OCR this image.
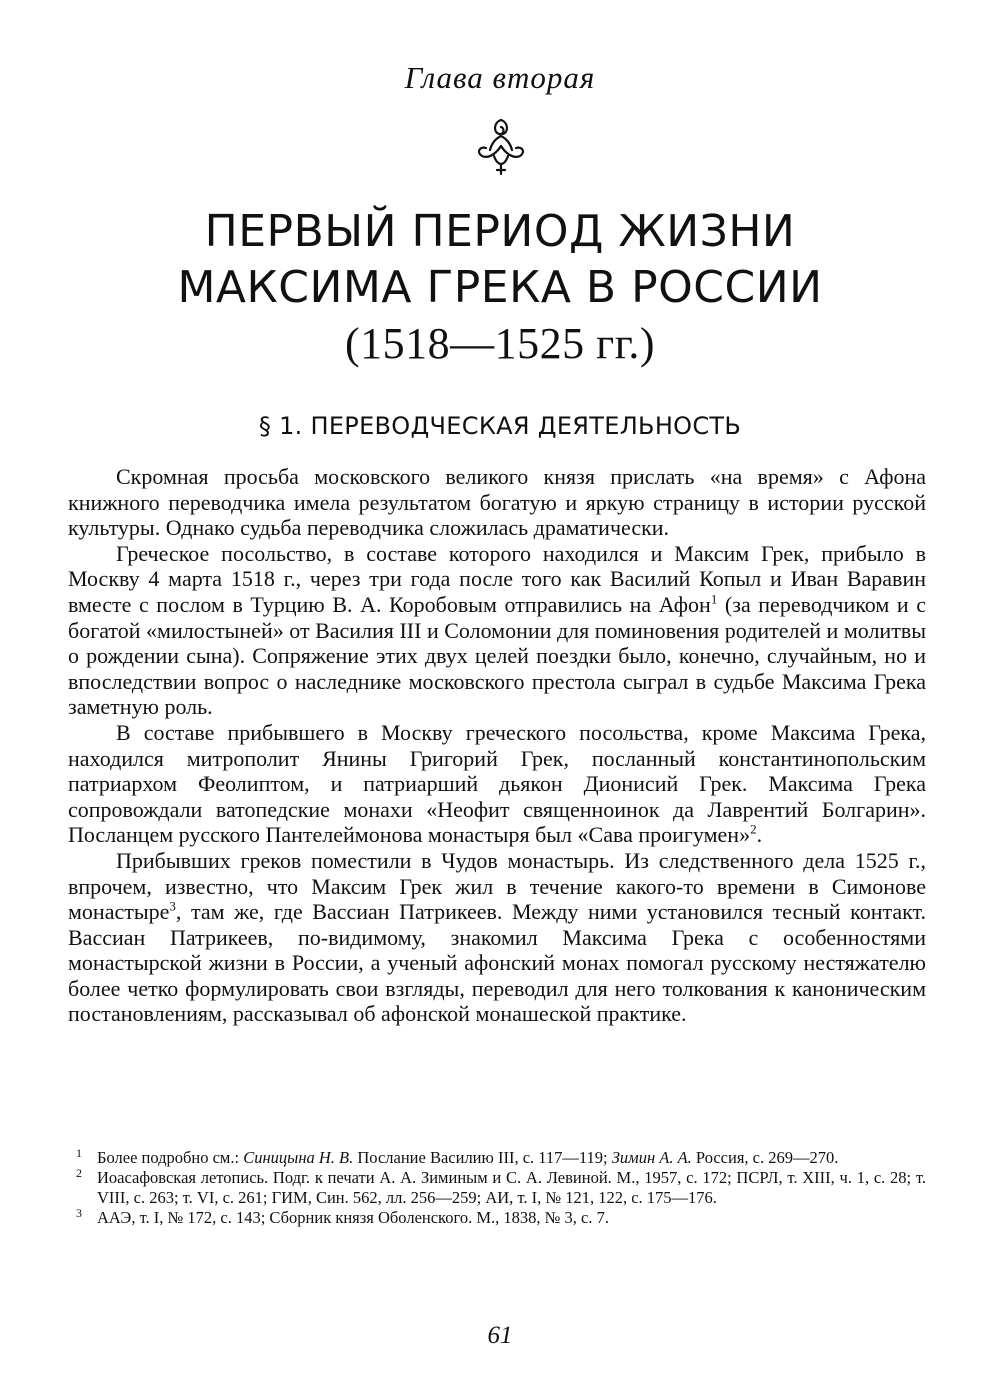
Глава вторая
ПЕРВЫЙ ПЕРИОД ЖИЗНИ
МАКСИМА ГРЕКА В РОССИИ
(1518—1525 гг.)
§ 1. ПЕРЕВОДЧЕСКАЯ ДЕЯТЕЛЬНОСТЬ

Скромная просьба московского великого князя прислать «на время» с Афона книжного переводчика имела результатом богатую и яркую страницу в истории русской культуры. Однако судьба переводчика сложилась драматически.

Греческое посольство, в составе которого находился и Максим Грек, прибыло в Москву 4 марта 1518 г., через три года после того как Василий Копыл и Иван Варавин вместе с послом в Турцию В. А. Коробовым отправились на Афон$^1$ (за переводчиком и с богатой «милостыней» от Василия III и Соломонии для поминовения родителей и молитвы о рождении сына). Сопряжение этих двух целей поездки было, конечно, случайным, но и впоследствии вопрос о наследнике московского престола сыграл в судьбе Максима Грека заметную роль.

В составе прибывшего в Москву греческого посольства, кроме Максима Грека, находился митрополит Янины Григорий Грек, посланный константинопольским патриархом Феолиптом, и патриарший дьякон Дионисий Грек. Максима Грека сопровождали ватопедские монахи «Неофит священноинок да Лаврентий Болгарин». Посланцем русского Пантелеймонова монастыря был «Сава проигумен»$^2$.

Прибывших греков поместили в Чудов монастырь. Из следственного дела 1525 г., впрочем, известно, что Максим Грек жил в течение какого-то времени в Симонове монастыре$^3$, там же, где Вассиан Патрикеев. Между ними установился тесный контакт. Вассиан Патрикеев, по-видимому, знакомил Максима Грека с особенностями монастырской жизни в России, а ученый афонский монах помогал русскому нестяжателю более четко формулировать свои взгляды, переводил для него толкования к каноническим постановлениям, рассказывал об афонской монашеской практике.

1 Более подробно см.: Синицына Н. В. Послание Василию III, с. 117—119; Зимин А. А. Россия, с. 269—270.
2 Иоасафовская летопись. Подг. к печати А. А. Зиминым и С. А. Левиной. М., 1957, с. 172; ПСРЛ, т. XIII, ч. 1, с. 28; т. VIII, с. 263; т. VI, с. 261; ГИМ, Син. 562, лл. 256—259; АИ, т. I, № 121, 122, с. 175—176.
3 ААЭ, т. I, № 172, с. 143; Сборник князя Оболенского. М., 1838, № 3, с. 7.
61
